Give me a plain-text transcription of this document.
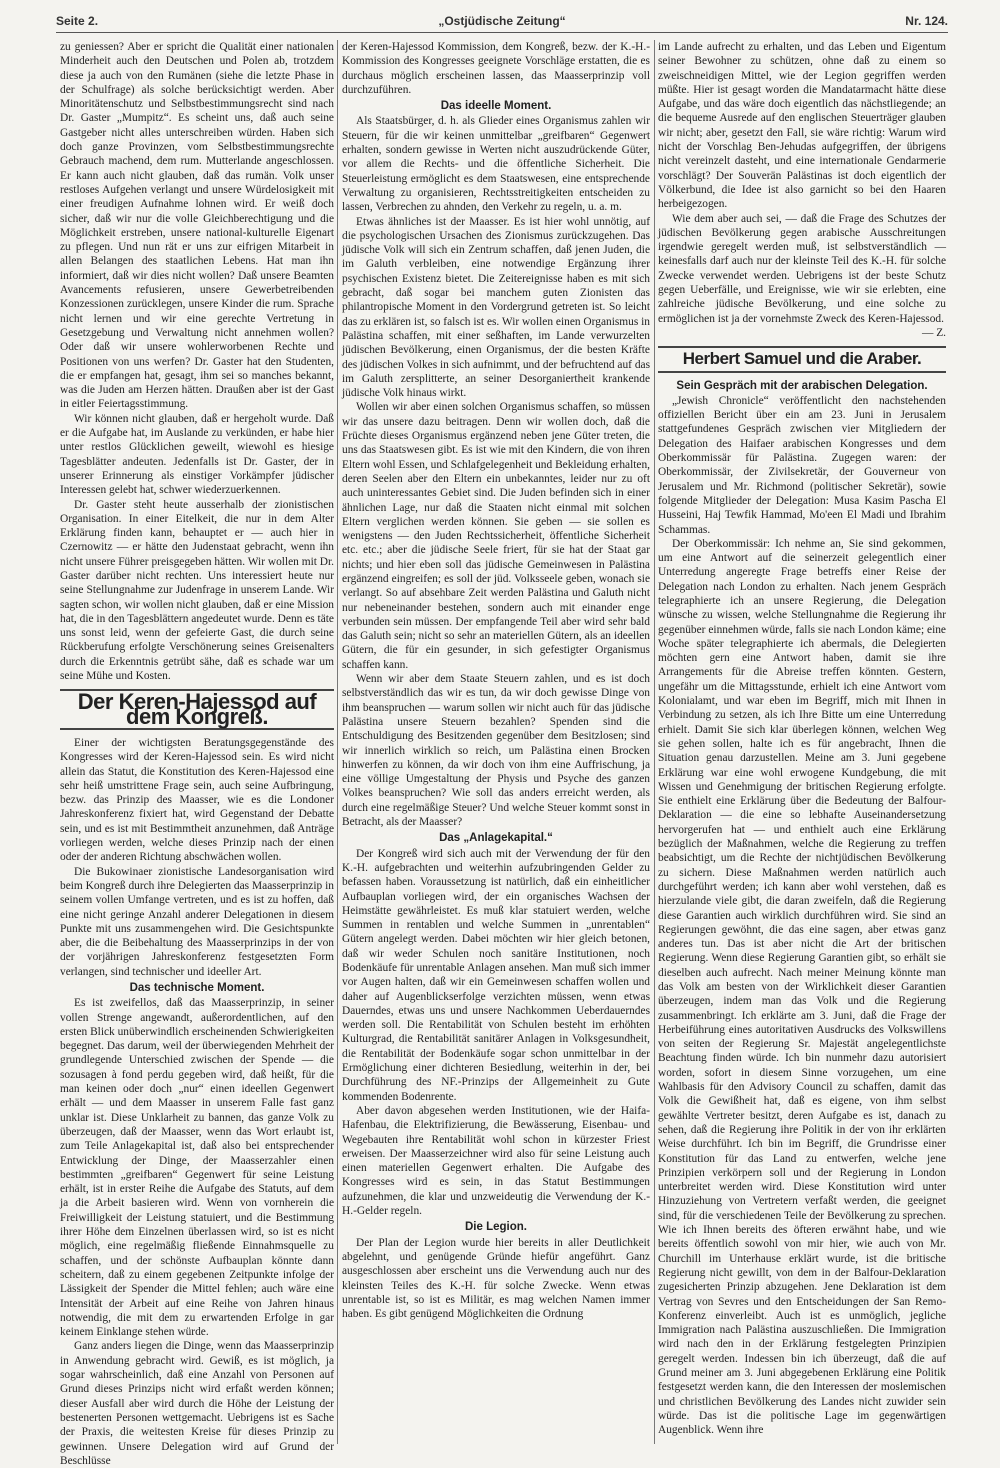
Seite 2.	„Ostjüdische Zeitung“	Nr. 124.

zu geniessen? Aber er spricht die Qualität einer nationalen Minderheit auch den Deutschen und Polen ab, trotzdem diese ja auch von den Rumänen (siehe die letzte Phase in der Schulfrage) als solche berücksichtigt werden. Aber Minoritätenschutz und Selbstbestimmungsrecht sind nach Dr. Gaster „Mumpitz“. Es scheint uns, daß auch seine Gastgeber nicht alles unterschreiben würden. Haben sich doch ganze Provinzen, vom Selbstbestimmungsrechte Gebrauch machend, dem rum. Mutterlande angeschlossen. Er kann auch nicht glauben, daß das rumän. Volk unser restloses Aufgehen verlangt und unsere Würdelosigkeit mit einer freudigen Aufnahme lohnen wird. Er weiß doch sicher, daß wir nur die volle Gleichberechtigung und die Möglichkeit erstreben, unsere national-kulturelle Eigenart zu pflegen. Und nun rät er uns zur eifrigen Mitarbeit in allen Belangen des staatlichen Lebens. Hat man ihn informiert, daß wir dies nicht wollen? Daß unsere Beamten Avancements refusieren, unsere Gewerbetreibenden Konzessionen zurücklegen, unsere Kinder die rum. Sprache nicht lernen und wir eine gerechte Vertretung in Gesetzgebung und Verwaltung nicht annehmen wollen? Oder daß wir unsere wohlerworbenen Rechte und Positionen von uns werfen? Dr. Gaster hat den Studenten, die er empfangen hat, gesagt, ihm sei so manches bekannt, was die Juden am Herzen hätten. Draußen aber ist der Gast in eitler Feiertagsstimmung.

Wir können nicht glauben, daß er hergeholt wurde. Daß er die Aufgabe hat, im Auslande zu verkünden, er habe hier unter restlos Glücklichen geweilt, wiewohl es hiesige Tagesblätter andeuten. Jedenfalls ist Dr. Gaster, der in unserer Erinnerung als einstiger Vorkämpfer jüdischer Interessen gelebt hat, schwer wiederzuerkennen.

Dr. Gaster steht heute ausserhalb der zionistischen Organisation. In einer Eitelkeit, die nur in dem Alter Erklärung finden kann, behauptet er — auch hier in Czernowitz — er hätte den Judenstaat gebracht, wenn ihn nicht unsere Führer preisgegeben hätten. Wir wollen mit Dr. Gaster darüber nicht rechten. Uns interessiert heute nur seine Stellungnahme zur Judenfrage in unserem Lande. Wir sagten schon, wir wollen nicht glauben, daß er eine Mission hat, die in den Tagesblättern angedeutet wurde. Denn es täte uns sonst leid, wenn der gefeierte Gast, die durch seine Rückberufung erfolgte Verschönerung seines Greisenalters durch die Erkenntnis getrübt sähe, daß es schade war um seine Mühe und Kosten.

Der Keren-Hajessod auf dem Kongreß.

Einer der wichtigsten Beratungsgegenstände des Kongresses wird der Keren-Hajessod sein. Es wird nicht allein das Statut, die Konstitution des Keren-Hajessod eine sehr heiß umstrittene Frage sein, auch seine Aufbringung, bezw. das Prinzip des Maasser, wie es die Londoner Jahreskonferenz fixiert hat, wird Gegenstand der Debatte sein, und es ist mit Bestimmtheit anzunehmen, daß Anträge vorliegen werden, welche dieses Prinzip nach der einen oder der anderen Richtung abschwächen wollen.

Die Bukowinaer zionistische Landesorganisation wird beim Kongreß durch ihre Delegierten das Maasserprinzip in seinem vollen Umfange vertreten, und es ist zu hoffen, daß eine nicht geringe Anzahl anderer Delegationen in diesem Punkte mit uns zusammengehen wird. Die Gesichtspunkte aber, die die Beibehaltung des Maasserprinzips in der von der vorjährigen Jahreskonferenz festgesetzten Form verlangen, sind technischer und ideeller Art.

Das technische Moment.

Es ist zweifellos, daß das Maasserprinzip, in seiner vollen Strenge angewandt, außerordentlichen, auf den ersten Blick unüberwindlich erscheinenden Schwierigkeiten begegnet. Das darum, weil der überwiegenden Mehrheit der grundlegende Unterschied zwischen der Spende — die sozusagen à fond perdu gegeben wird, daß heißt, für die man keinen oder doch „nur“ einen ideellen Gegenwert erhält — und dem Maasser in unserem Falle fast ganz unklar ist. Diese Unklarheit zu bannen, das ganze Volk zu überzeugen, daß der Maasser, wenn das Wort erlaubt ist, zum Teile Anlagekapital ist, daß also bei entsprechender Entwicklung der Dinge, der Maasserzahler einen bestimmten „greifbaren“ Gegenwert für seine Leistung erhält, ist in erster Reihe die Aufgabe des Statuts, auf dem ja die Arbeit basieren wird. Wenn von vornherein die Freiwilligkeit der Leistung statuiert, und die Bestimmung ihrer Höhe dem Einzelnen überlassen wird, so ist es nicht möglich, eine regelmäßig fließende Einnahmsquelle zu schaffen, und der schönste Aufbauplan könnte dann scheitern, daß zu einem gegebenen Zeitpunkte infolge der Lässigkeit der Spender die Mittel fehlen; auch wäre eine Intensität der Arbeit auf eine Reihe von Jahren hinaus notwendig, die mit dem zu erwartenden Erfolge in gar keinem Einklange stehen würde.

Ganz anders liegen die Dinge, wenn das Maasserprinzip in Anwendung gebracht wird. Gewiß, es ist möglich, ja sogar wahrscheinlich, daß eine Anzahl von Personen auf Grund dieses Prinzips nicht wird erfaßt werden können; dieser Ausfall aber wird durch die Höhe der Leistung der bestenerten Personen wettgemacht. Uebrigens ist es Sache der Praxis, die weitesten Kreise für dieses Prinzip zu gewinnen. Unsere Delegation wird auf Grund der Beschlüsse

der Keren-Hajessod Kommission, dem Kongreß, bezw. der K.-H.-Kommission des Kongresses geeignete Vorschläge erstatten, die es durchaus möglich erscheinen lassen, das Maasserprinzip voll durchzuführen.

Das ideelle Moment.

Als Staatsbürger, d. h. als Glieder eines Organismus zahlen wir Steuern, für die wir keinen unmittelbar „greifbaren“ Gegenwert erhalten, sondern gewisse in Werten nicht auszudrückende Güter, vor allem die Rechts- und die öffentliche Sicherheit. Die Steuerleistung ermöglicht es dem Staatswesen, eine entsprechende Verwaltung zu organisieren, Rechtsstreitigkeiten entscheiden zu lassen, Verbrechen zu ahnden, den Verkehr zu regeln, u. a. m.

Etwas ähnliches ist der Maasser. Es ist hier wohl unnötig, auf die psychologischen Ursachen des Zionismus zurückzugehen. Das jüdische Volk will sich ein Zentrum schaffen, daß jenen Juden, die im Galuth verbleiben, eine notwendige Ergänzung ihrer psychischen Existenz bietet. Die Zeitereignisse haben es mit sich gebracht, daß sogar bei manchem guten Zionisten das philantropische Moment in den Vordergrund getreten ist. So leicht das zu erklären ist, so falsch ist es. Wir wollen einen Organismus in Palästina schaffen, mit einer seßhaften, im Lande verwurzelten jüdischen Bevölkerung, einen Organismus, der die besten Kräfte des jüdischen Volkes in sich aufnimmt, und der befruchtend auf das im Galuth zersplitterte, an seiner Desorganiertheit krankende jüdische Volk hinaus wirkt.

Wollen wir aber einen solchen Organismus schaffen, so müssen wir das unsere dazu beitragen. Denn wir wollen doch, daß die Früchte dieses Organismus ergänzend neben jene Güter treten, die uns das Staatswesen gibt. Es ist wie mit den Kindern, die von ihren Eltern wohl Essen, und Schlafgelegenheit und Bekleidung erhalten, deren Seelen aber den Eltern ein unbekanntes, leider nur zu oft auch uninteressantes Gebiet sind. Die Juden befinden sich in einer ähnlichen Lage, nur daß die Staaten nicht einmal mit solchen Eltern verglichen werden können. Sie geben — sie sollen es wenigstens — den Juden Rechtssicherheit, öffentliche Sicherheit etc. etc.; aber die jüdische Seele friert, für sie hat der Staat gar nichts; und hier eben soll das jüdische Gemeinwesen in Palästina ergänzend eingreifen; es soll der jüd. Volksseele geben, wonach sie verlangt. So auf absehbare Zeit werden Palästina und Galuth nicht nur nebeneinander bestehen, sondern auch mit einander enge verbunden sein müssen. Der empfangende Teil aber wird sehr bald das Galuth sein; nicht so sehr an materiellen Gütern, als an ideellen Gütern, die für ein gesunder, in sich gefestigter Organismus schaffen kann.

Wenn wir aber dem Staate Steuern zahlen, und es ist doch selbstverständlich das wir es tun, da wir doch gewisse Dinge von ihm beanspruchen — warum sollen wir nicht auch für das jüdische Palästina unsere Steuern bezahlen? Spenden sind die Entschuldigung des Besitzenden gegenüber dem Besitzlosen; sind wir innerlich wirklich so reich, um Palästina einen Brocken hinwerfen zu können, da wir doch von ihm eine Auffrischung, ja eine völlige Umgestaltung der Physis und Psyche des ganzen Volkes beanspruchen? Wie soll das anders erreicht werden, als durch eine regelmäßige Steuer? Und welche Steuer kommt sonst in Betracht, als der Maasser?

Das „Anlagekapital.“

Der Kongreß wird sich auch mit der Verwendung der für den K.-H. aufgebrachten und weiterhin aufzubringenden Gelder zu befassen haben. Voraussetzung ist natürlich, daß ein einheitlicher Aufbauplan vorliegen wird, der ein organisches Wachsen der Heimstätte gewährleistet. Es muß klar statuiert werden, welche Summen in rentablen und welche Summen in „unrentablen“ Gütern angelegt werden. Dabei möchten wir hier gleich betonen, daß wir weder Schulen noch sanitäre Institutionen, noch Bodenkäufe für unrentable Anlagen ansehen. Man muß sich immer vor Augen halten, daß wir ein Gemeinwesen schaffen wollen und daher auf Augenblickserfolge verzichten müssen, wenn etwas Dauerndes, etwas uns und unsere Nachkommen Ueberdauerndes werden soll. Die Rentabilität von Schulen besteht im erhöhten Kulturgrad, die Rentabilität sanitärer Anlagen in Volksgesundheit, die Rentabilität der Bodenkäufe sogar schon unmittelbar in der Ermöglichung einer dichteren Besiedlung, weiterhin in der, bei Durchführung des NF.-Prinzips der Allgemeinheit zu Gute kommenden Bodenrente.

Aber davon abgesehen werden Institutionen, wie der Haifa-Hafenbau, die Elektrifizierung, die Bewässerung, Eisenbau- und Wegebauten ihre Rentabilität wohl schon in kürzester Friest erweisen. Der Maasserzeichner wird also für seine Leistung auch einen materiellen Gegenwert erhalten. Die Aufgabe des Kongresses wird es sein, in das Statut Bestimmungen aufzunehmen, die klar und unzweideutig die Verwendung der K.-H.-Gelder regeln.

Die Legion.

Der Plan der Legion wurde hier bereits in aller Deutlichkeit abgelehnt, und genügende Gründe hiefür angeführt. Ganz ausgeschlossen aber erscheint uns die Verwendung auch nur des kleinsten Teiles des K.-H. für solche Zwecke. Wenn etwas unrentable ist, so ist es Militär, es mag welchen Namen immer haben. Es gibt genügend Möglichkeiten die Ordnung

im Lande aufrecht zu erhalten, und das Leben und Eigentum seiner Bewohner zu schützen, ohne daß zu einem so zweischneidigen Mittel, wie der Legion gegriffen werden müßte. Hier ist gesagt worden die Mandatarmacht hätte diese Aufgabe, und das wäre doch eigentlich das nächstliegende; an die bequeme Ausrede auf den englischen Steuerträger glauben wir nicht; aber, gesetzt den Fall, sie wäre richtig: Warum wird nicht der Vorschlag Ben-Jehudas aufgegriffen, der übrigens nicht vereinzelt dasteht, und eine internationale Gendarmerie vorschlägt? Der Souverän Palästinas ist doch eigentlich der Völkerbund, die Idee ist also garnicht so bei den Haaren herbeigezogen.

Wie dem aber auch sei, — daß die Frage des Schutzes der jüdischen Bevölkerung gegen arabische Ausschreitungen irgendwie geregelt werden muß, ist selbstverständlich — keinesfalls darf auch nur der kleinste Teil des K.-H. für solche Zwecke verwendet werden. Uebrigens ist der beste Schutz gegen Ueberfälle, und Ereignisse, wie wir sie erlebten, eine zahlreiche jüdische Bevölkerung, und eine solche zu ermöglichen ist ja der vornehmste Zweck des Keren-Hajessod.

— Z.
Herbert Samuel und die Araber.
Sein Gespräch mit der arabischen Delegation.

„Jewish Chronicle“ veröffentlicht den nachstehenden offiziellen Bericht über ein am 23. Juni in Jerusalem stattgefundenes Gespräch zwischen vier Mitgliedern der Delegation des Haifaer arabischen Kongresses und dem Oberkommissär für Palästina. Zugegen waren: der Oberkommissär, der Zivilsekretär, der Gouverneur von Jerusalem und Mr. Richmond (politischer Sekretär), sowie folgende Mitglieder der Delegation: Musa Kasim Pascha El Husseini, Haj Tewfik Hammad, Mo'een El Madi und Ibrahim Schammas.

Der Oberkommissär: Ich nehme an, Sie sind gekommen, um eine Antwort auf die seinerzeit gelegentlich einer Unterredung angeregte Frage betreffs einer Reise der Delegation nach London zu erhalten. Nach jenem Gespräch telegraphierte ich an unsere Regierung, die Delegation wünsche zu wissen, welche Stellungnahme die Regierung ihr gegenüber einnehmen würde, falls sie nach London käme; eine Woche später telegraphierte ich abermals, die Delegierten möchten gern eine Antwort haben, damit sie ihre Arrangements für die Abreise treffen könnten. Gestern, ungefähr um die Mittagsstunde, erhielt ich eine Antwort vom Kolonialamt, und war eben im Begriff, mich mit Ihnen in Verbindung zu setzen, als ich Ihre Bitte um eine Unterredung erhielt. Damit Sie sich klar überlegen können, welchen Weg sie gehen sollen, halte ich es für angebracht, Ihnen die Situation genau darzustellen. Meine am 3. Juni gegebene Erklärung war eine wohl erwogene Kundgebung, die mit Wissen und Genehmigung der britischen Regierung erfolgte. Sie enthielt eine Erklärung über die Bedeutung der Balfour-Deklaration — die eine so lebhafte Auseinandersetzung hervorgerufen hat — und enthielt auch eine Erklärung bezüglich der Maßnahmen, welche die Regierung zu treffen beabsichtigt, um die Rechte der nichtjüdischen Bevölkerung zu sichern. Diese Maßnahmen werden natürlich auch durchgeführt werden; ich kann aber wohl verstehen, daß es hierzulande viele gibt, die daran zweifeln, daß die Regierung diese Garantien auch wirklich durchführen wird. Sie sind an Regierungen gewöhnt, die das eine sagen, aber etwas ganz anderes tun. Das ist aber nicht die Art der britischen Regierung. Wenn diese Regierung Garantien gibt, so erhält sie dieselben auch aufrecht. Nach meiner Meinung könnte man das Volk am besten von der Wirklichkeit dieser Garantien überzeugen, indem man das Volk und die Regierung zusammenbringt. Ich erklärte am 3. Juni, daß die Frage der Herbeiführung eines autoritativen Ausdrucks des Volkswillens von seiten der Regierung Sr. Majestät angelegentlichste Beachtung finden würde. Ich bin nunmehr dazu autorisiert worden, sofort in diesem Sinne vorzugehen, um eine Wahlbasis für den Advisory Council zu schaffen, damit das Volk die Gewißheit hat, daß es eigene, von ihm selbst gewählte Vertreter besitzt, deren Aufgabe es ist, danach zu sehen, daß die Regierung ihre Politik in der von ihr erklärten Weise durchführt. Ich bin im Begriff, die Grundrisse einer Konstitution für das Land zu entwerfen, welche jene Prinzipien verkörpern soll und der Regierung in London unterbreitet werden wird. Diese Konstitution wird unter Hinzuziehung von Vertretern verfaßt werden, die geeignet sind, für die verschiedenen Teile der Bevölkerung zu sprechen. Wie ich Ihnen bereits des öfteren erwähnt habe, und wie bereits öffentlich sowohl von mir hier, wie auch von Mr. Churchill im Unterhause erklärt wurde, ist die britische Regierung nicht gewillt, von dem in der Balfour-Deklaration zugesicherten Prinzip abzugehen. Jene Deklaration ist dem Vertrag von Sevres und den Entscheidungen der San Remo-Konferenz einverleibt. Auch ist es unmöglich, jegliche Immigration nach Palästina auszuschließen. Die Immigration wird nach den in der Erklärung festgelegten Prinzipien geregelt werden. Indessen bin ich überzeugt, daß die auf Grund meiner am 3. Juni abgegebenen Erklärung eine Politik festgesetzt werden kann, die den Interessen der moslemischen und christlichen Bevölkerung des Landes nicht zuwider sein würde. Das ist die politische Lage im gegenwärtigen Augenblick. Wenn ihre
